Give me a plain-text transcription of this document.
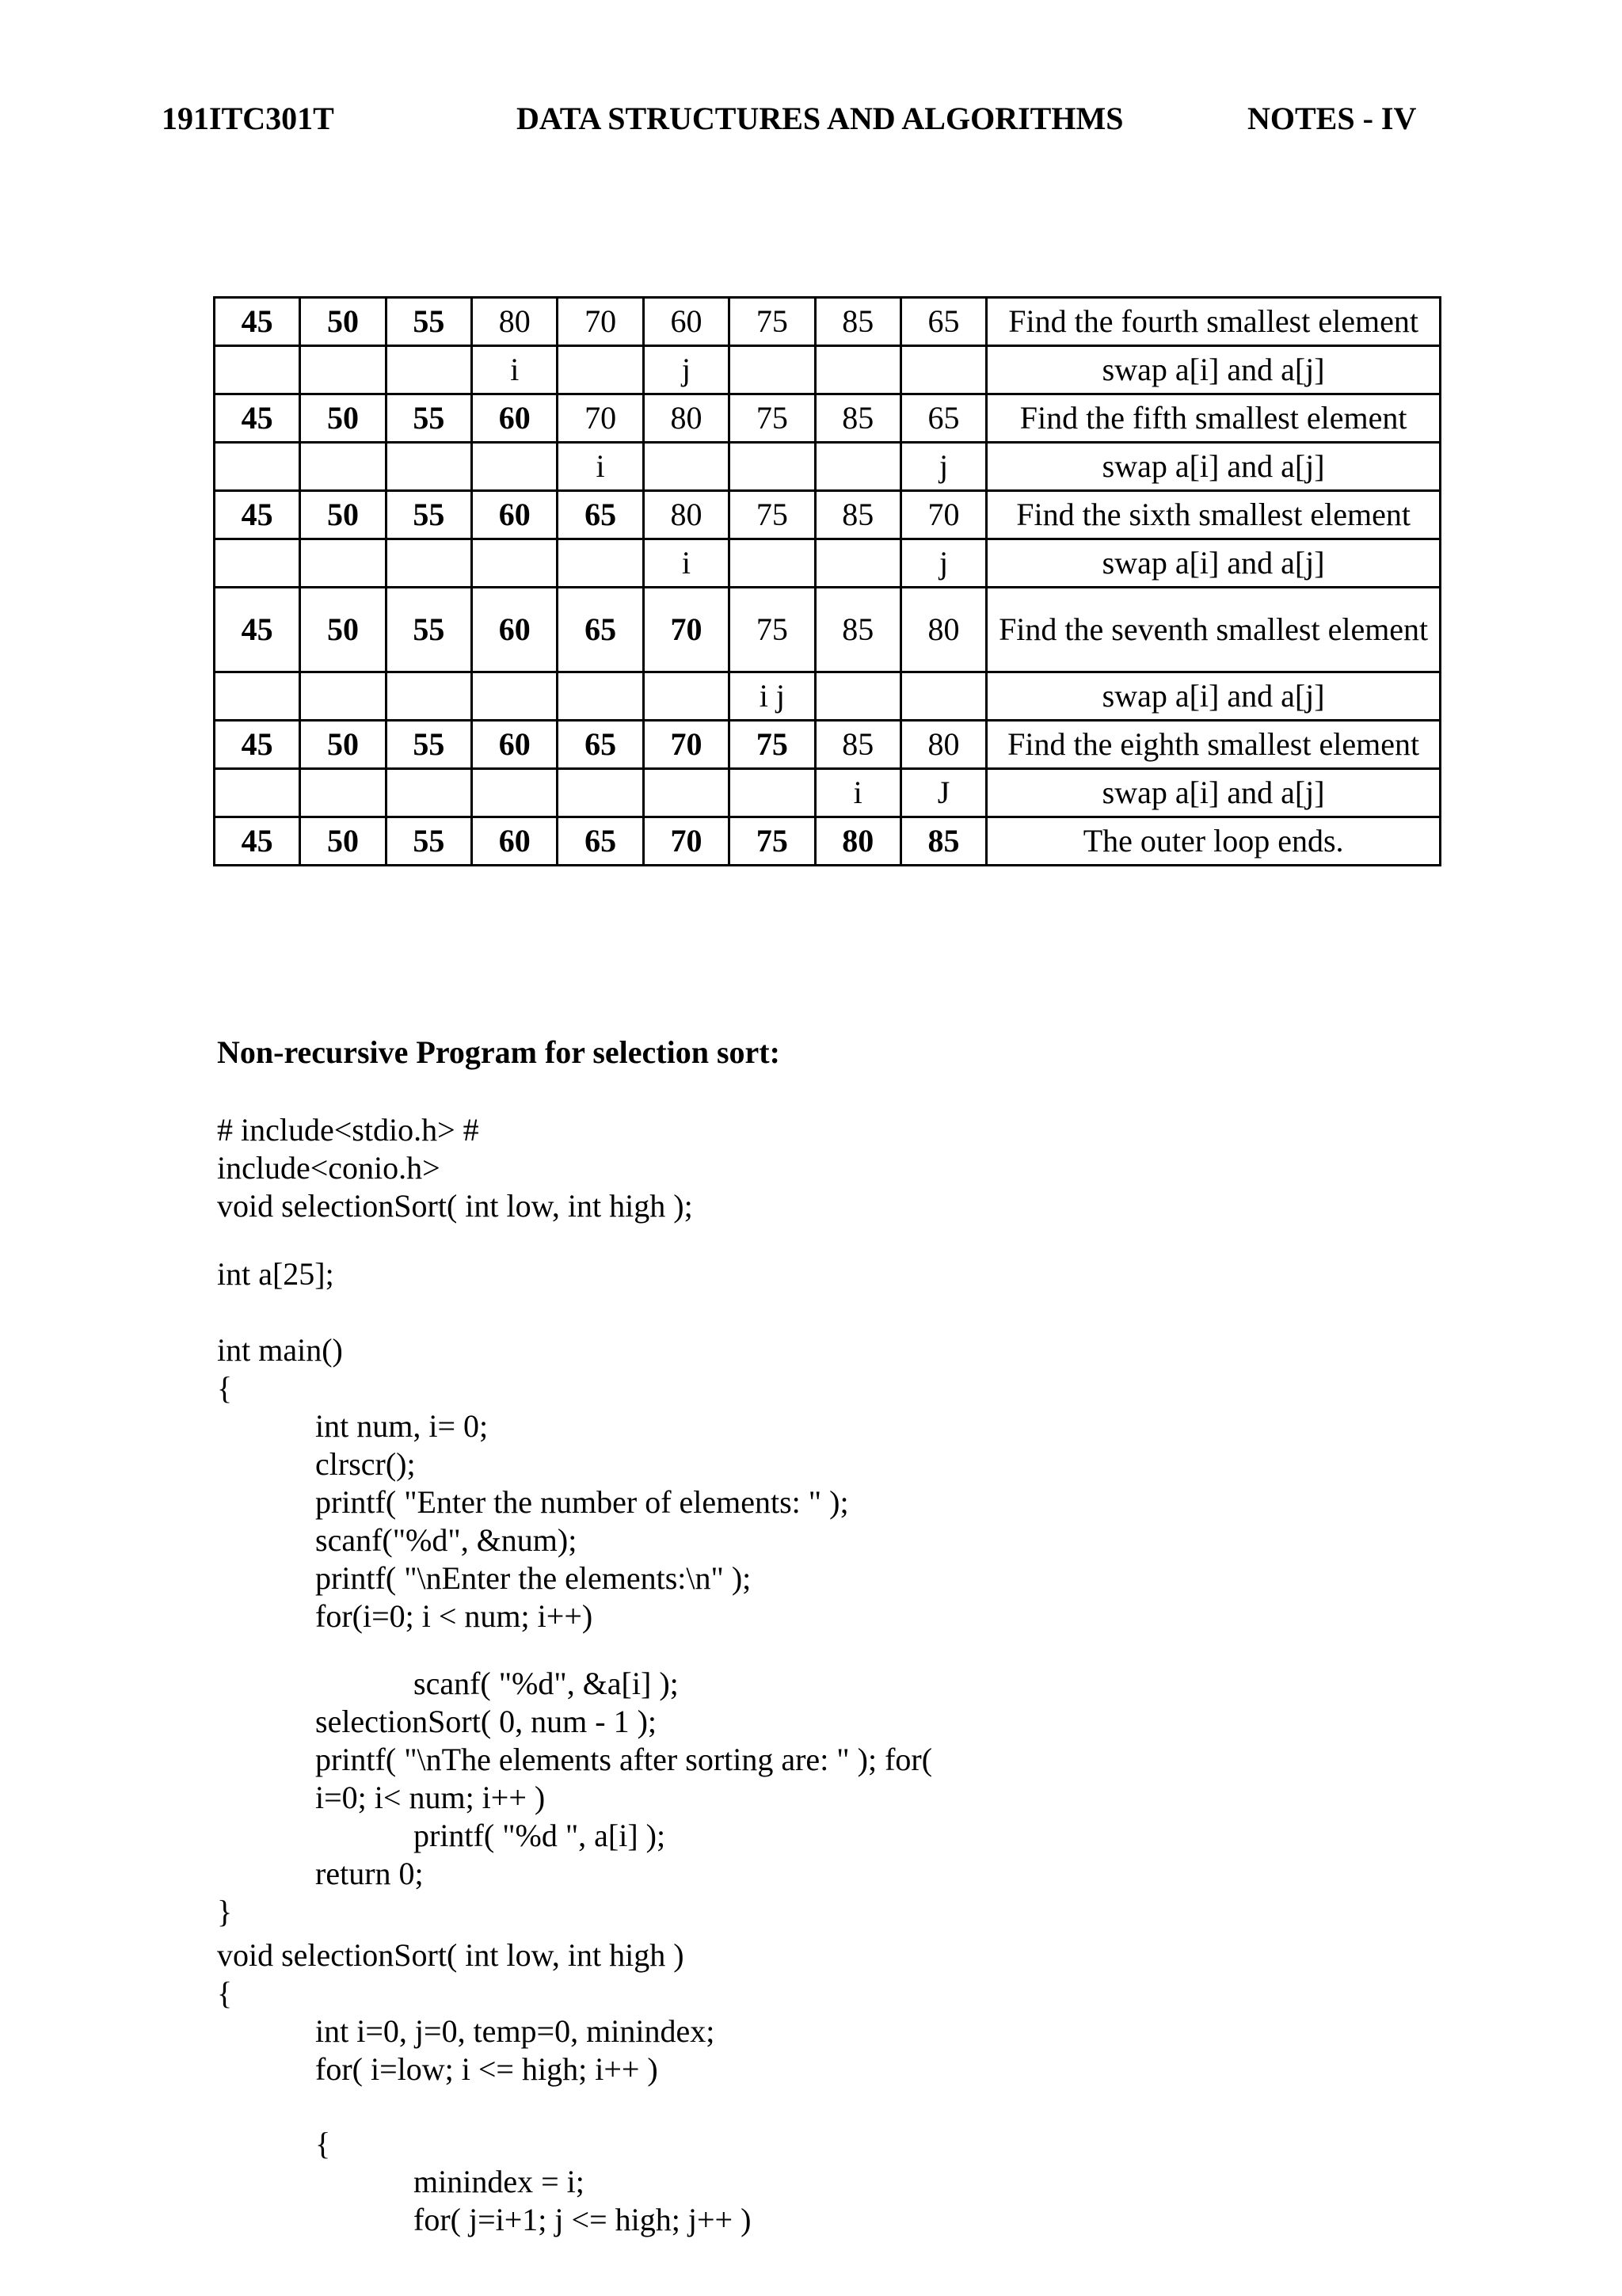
191ITC301T	DATA STRUCTURES AND ALGORITHMS	NOTES - IV
45	50	55	80	70	60	75	85	65	Find the fourth smallest element
			i		j				swap a[i] and a[j]
45	50	55	60	70	80	75	85	65	Find the fifth smallest element
				i				j	swap a[i] and a[j]
45	50	55	60	65	80	75	85	70	Find the sixth smallest element
					i			j	swap a[i] and a[j]
45	50	55	60	65	70	75	85	80	Find the seventh smallest element
						i j			swap a[i] and a[j]
45	50	55	60	65	70	75	85	80	Find the eighth smallest element
							i	J	swap a[i] and a[j]
45	50	55	60	65	70	75	80	85	The outer loop ends.
Non-recursive Program for selection sort:
# include<stdio.h> #
include<conio.h>
void selectionSort( int low, int high );
int a[25];
int main()
{
int num, i= 0;
clrscr();
printf( "Enter the number of elements: " );
scanf("%d", &num);
printf( "\nEnter the elements:\n" );
for(i=0; i < num; i++)
scanf( "%d", &a[i] );
selectionSort( 0, num - 1 );
printf( "\nThe elements after sorting are: " ); for(
i=0; i< num; i++ )
printf( "%d ", a[i] );
return 0;
}
void selectionSort( int low, int high )
{
int i=0, j=0, temp=0, minindex;
for( i=low; i <= high; i++ )
{
minindex = i;
for( j=i+1; j <= high; j++ )
